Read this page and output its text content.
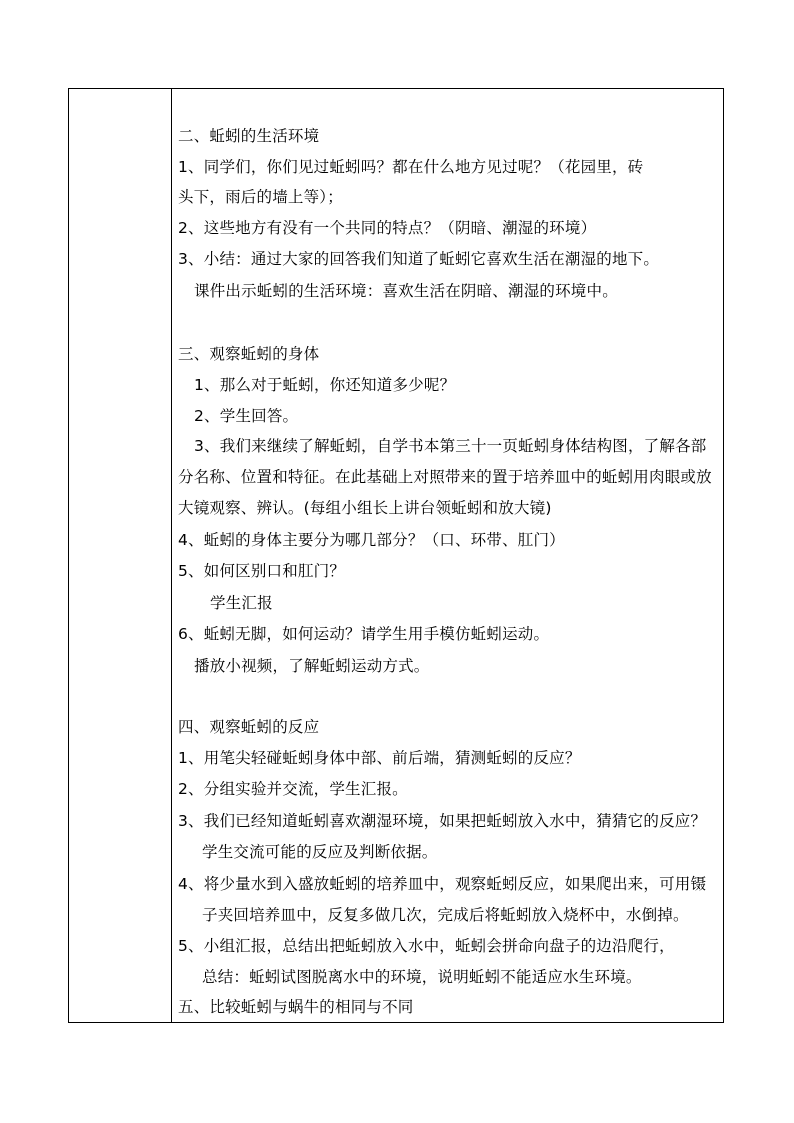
二、蚯蚓的生活环境
1、同学们，你们见过蚯蚓吗？都在什么地方见过呢？（花园里，砖
头下，雨后的墙上等）；
2、这些地方有没有一个共同的特点？（阴暗、潮湿的环境）
3、小结：通过大家的回答我们知道了蚯蚓它喜欢生活在潮湿的地下。
课件出示蚯蚓的生活环境：喜欢生活在阴暗、潮湿的环境中。
三、观察蚯蚓的身体
1、那么对于蚯蚓，你还知道多少呢？
2、学生回答。
3、我们来继续了解蚯蚓，自学书本第三十一页蚯蚓身体结构图，了解各部
分名称、位置和特征。在此基础上对照带来的置于培养皿中的蚯蚓用肉眼或放
大镜观察、辨认。(每组小组长上讲台领蚯蚓和放大镜)
4、蚯蚓的身体主要分为哪几部分？（口、环带、肛门）
5、如何区别口和肛门？
学生汇报
6、蚯蚓无脚，如何运动？请学生用手模仿蚯蚓运动。
播放小视频，了解蚯蚓运动方式。
四、观察蚯蚓的反应
1、用笔尖轻碰蚯蚓身体中部、前后端，猜测蚯蚓的反应？
2、分组实验并交流，学生汇报。
3、我们已经知道蚯蚓喜欢潮湿环境，如果把蚯蚓放入水中，猜猜它的反应？
学生交流可能的反应及判断依据。
4、将少量水到入盛放蚯蚓的培养皿中，观察蚯蚓反应，如果爬出来，可用镊
子夹回培养皿中，反复多做几次，完成后将蚯蚓放入烧杯中，水倒掉。
5、小组汇报，总结出把蚯蚓放入水中，蚯蚓会拼命向盘子的边沿爬行，
总结：蚯蚓试图脱离水中的环境，说明蚯蚓不能适应水生环境。
五、比较蚯蚓与蜗牛的相同与不同
